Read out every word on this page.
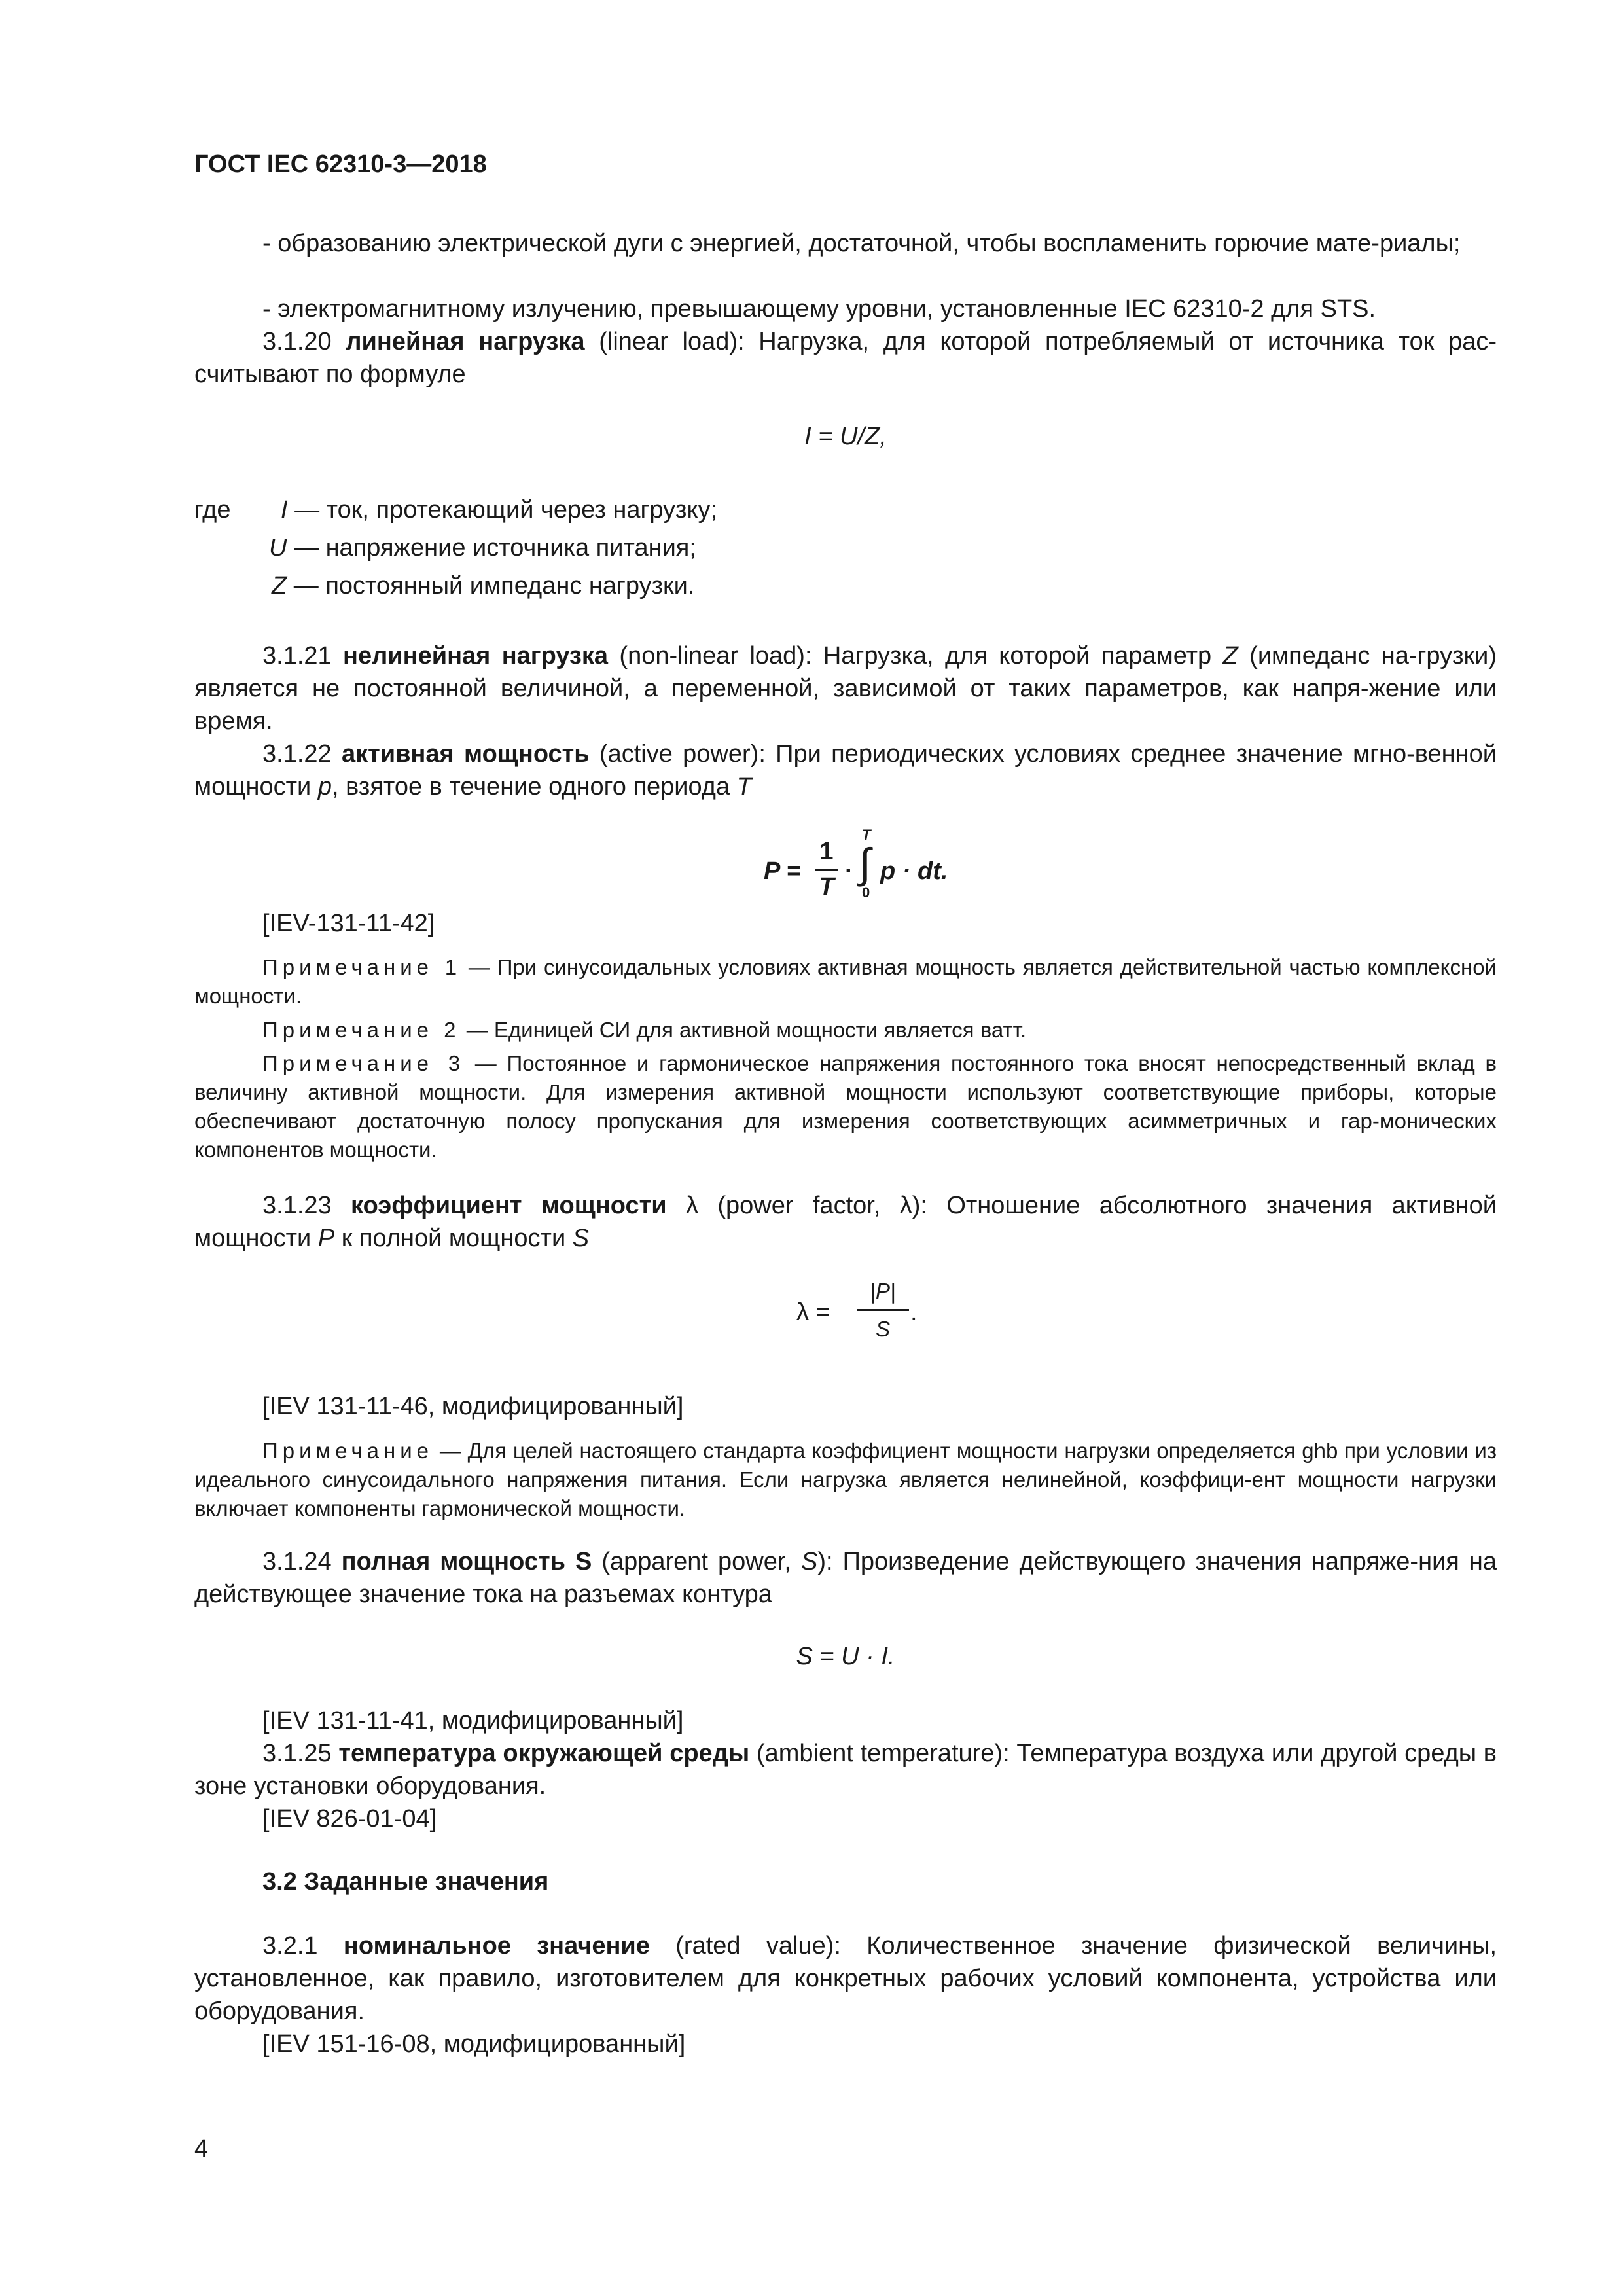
ГОСТ IEC 62310-3—2018

- образованию электрической дуги с энергией, достаточной, чтобы воспламенить горючие мате-риалы;

- электромагнитному излучению, превышающему уровни, установленные IEC 62310-2 для STS.

3.1.20 линейная нагрузка (linear load): Нагрузка, для которой потребляемый от источника ток рас-считывают по формуле

I = U/Z,
где I — ток, протекающий через нагрузку;
U — напряжение источника питания;
Z — постоянный импеданс нагрузки.

3.1.21 нелинейная нагрузка (non-linear load): Нагрузка, для которой параметр Z (импеданс на-грузки) является не постоянной величиной, а переменной, зависимой от таких параметров, как напря-жение или время.

3.1.22 активная мощность (active power): При периодических условиях среднее значение мгно-венной мощности p, взятое в течение одного периода T

P =
1
T
·
T
∫
0
p · dt.

[IEV-131-11-42]

Примечание 1 — При синусоидальных условиях активная мощность является действительной частью комплексной мощности.

Примечание 2 — Единицей СИ для активной мощности является ватт.

Примечание 3 — Постоянное и гармоническое напряжения постоянного тока вносят непосредственный вклад в величину активной мощности. Для измерения активной мощности используют соответствующие приборы, которые обеспечивают достаточную полосу пропускания для измерения соответствующих асимметричных и гар-монических компонентов мощности.

3.1.23 коэффициент мощности λ (power factor, λ): Отношение абсолютного значения активной мощности P к полной мощности S

λ =
|P|
S
.

[IEV 131-11-46, модифицированный]

Примечание — Для целей настоящего стандарта коэффициент мощности нагрузки определяется ghb при условии из идеального синусоидального напряжения питания. Если нагрузка является нелинейной, коэффици-ент мощности нагрузки включает компоненты гармонической мощности.

3.1.24 полная мощность S (apparent power, S): Произведение действующего значения напряже-ния на действующее значение тока на разъемах контура

S = U · I.

[IEV 131-11-41, модифицированный]

3.1.25 температура окружающей среды (ambient temperature): Температура воздуха или другой среды в зоне установки оборудования.

[IEV 826-01-04]

3.2 Заданные значения

3.2.1 номинальное значение (rated value): Количественное значение физической величины, установленное, как правило, изготовителем для конкретных рабочих условий компонента, устройства или оборудования.

[IEV 151-16-08, модифицированный]

4
